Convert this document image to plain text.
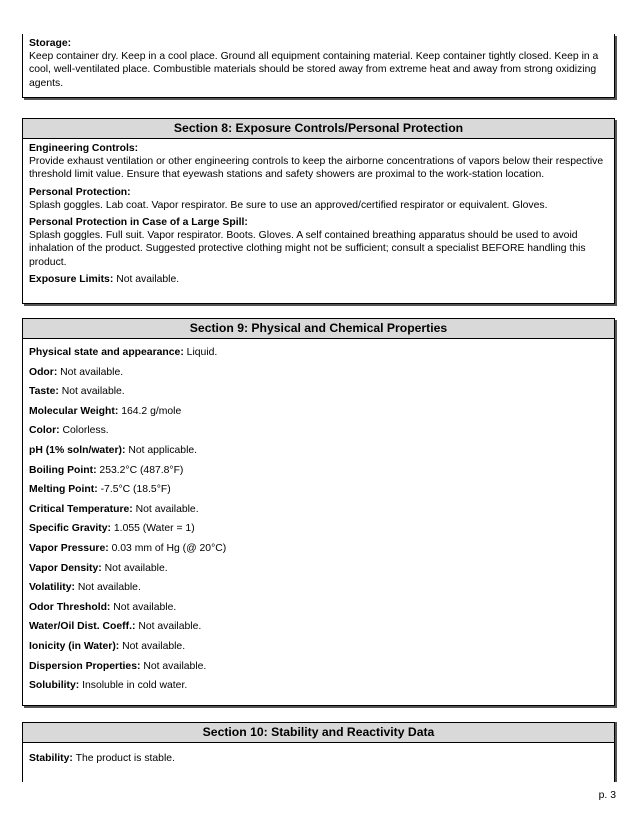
Storage:
Keep container dry. Keep in a cool place. Ground all equipment containing material. Keep container tightly closed. Keep in a cool, well-ventilated place. Combustible materials should be stored away from extreme heat and away from strong oxidizing agents.
Section 8: Exposure Controls/Personal Protection
Engineering Controls:
Provide exhaust ventilation or other engineering controls to keep the airborne concentrations of vapors below their respective threshold limit value. Ensure that eyewash stations and safety showers are proximal to the work-station location.
Personal Protection:
Splash goggles. Lab coat. Vapor respirator. Be sure to use an approved/certified respirator or equivalent. Gloves.
Personal Protection in Case of a Large Spill:
Splash goggles. Full suit. Vapor respirator. Boots. Gloves. A self contained breathing apparatus should be used to avoid inhalation of the product. Suggested protective clothing might not be sufficient; consult a specialist BEFORE handling this product.
Exposure Limits: Not available.
Section 9: Physical and Chemical Properties
Physical state and appearance: Liquid.
Odor: Not available.
Taste: Not available.
Molecular Weight: 164.2 g/mole
Color: Colorless.
pH (1% soln/water): Not applicable.
Boiling Point: 253.2°C (487.8°F)
Melting Point: -7.5°C (18.5°F)
Critical Temperature: Not available.
Specific Gravity: 1.055 (Water = 1)
Vapor Pressure: 0.03 mm of Hg (@ 20°C)
Vapor Density: Not available.
Volatility: Not available.
Odor Threshold: Not available.
Water/Oil Dist. Coeff.: Not available.
Ionicity (in Water): Not available.
Dispersion Properties: Not available.
Solubility: Insoluble in cold water.
Section 10: Stability and Reactivity Data
Stability: The product is stable.
p. 3
